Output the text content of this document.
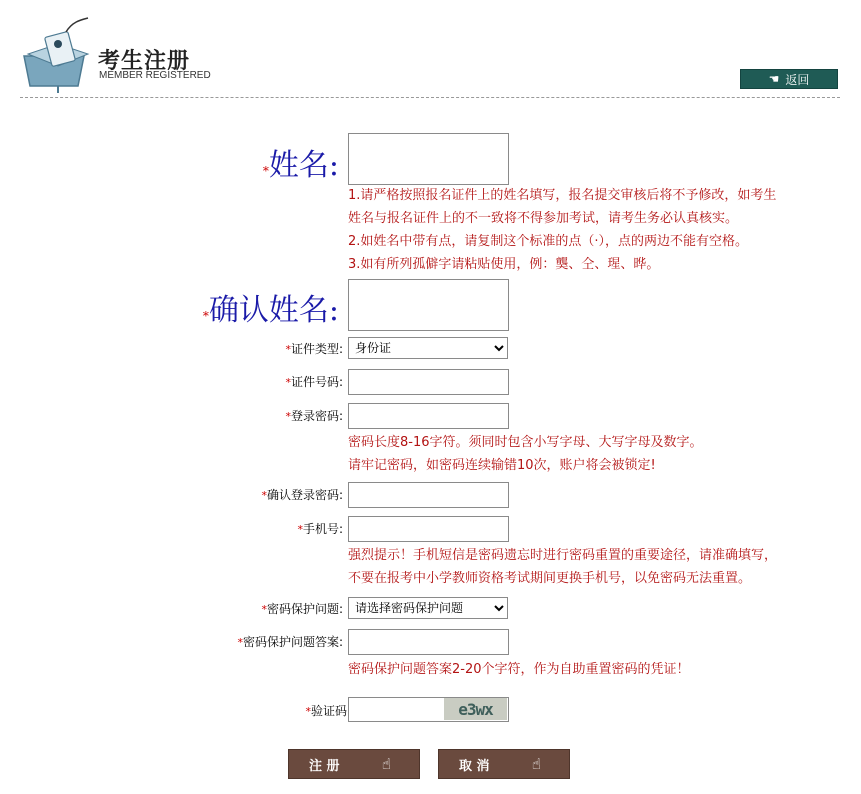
考生注册
MEMBER REGISTERED	☚ 返回
*姓名:
1.请严格按照报名证件上的姓名填写，报名提交审核后将不予修改，如考生
姓名与报名证件上的不一致将不得参加考试，请考生务必认真核实。
2.如姓名中带有点，请复制这个标准的点（·），点的两边不能有空格。
3.如有所列孤僻字请粘贴使用，例：龑、仝、瑆、晔。
*确认姓名:
*证件类型:
身份证
*证件号码:
*登录密码:
密码长度8-16字符。须同时包含小写字母、大写字母及数字。
请牢记密码，如密码连续输错10次，账户将会被锁定!
*确认登录密码:
*手机号:
强烈提示！手机短信是密码遗忘时进行密码重置的重要途径，请准确填写，
不要在报考中小学教师资格考试期间更换手机号，以免密码无法重置。
*密码保护问题:
请选择密码保护问题
*密码保护问题答案:
密码保护问题答案2-20个字符，作为自助重置密码的凭证！
*验证码	e3wx
注 册	☝	取 消	☝
